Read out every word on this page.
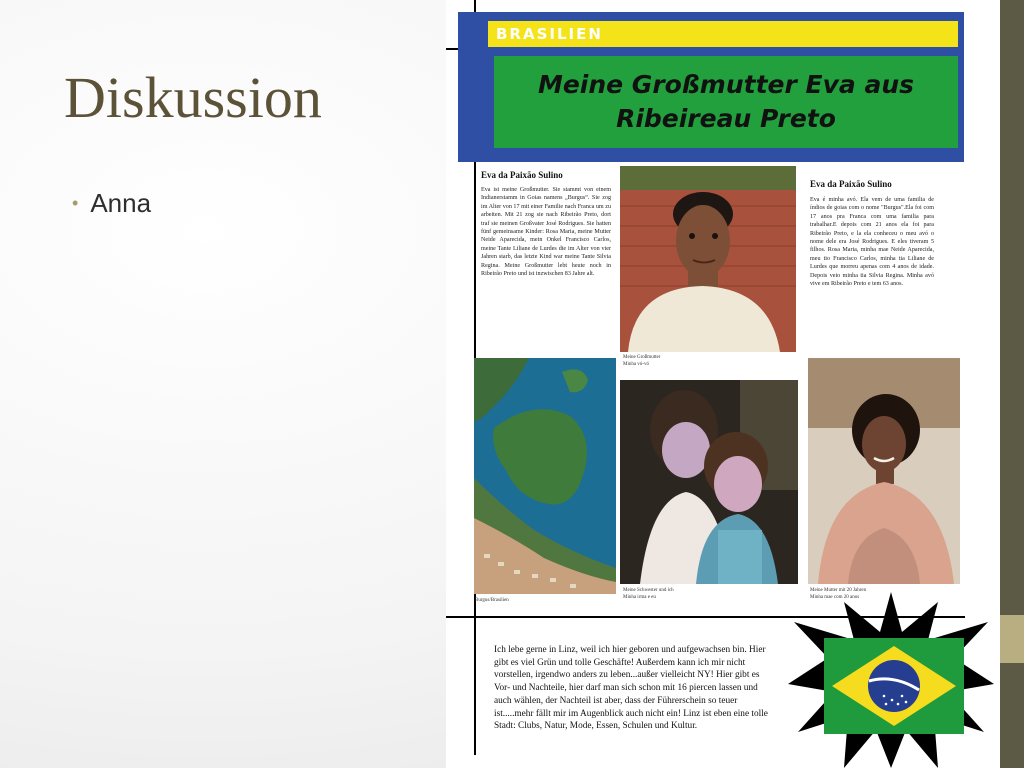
Diskussion
• Anna
BRASILIEN
Meine Großmutter Eva aus Ribeireau Preto
Eva da Paixão Sulino

Eva ist meine Großmutter. Sie stammt von einem Indianerstamm in Goias namens „Burgus“. Sie zog im Alter von 17 mit einer Familie nach Franca um zu arbeiten. Mit 21 zog sie nach Ribeirão Preto, dort traf sie meinen Großvater José Rodrigues. Sie hatten fünf gemeinsame Kinder: Rosa Maria, meine Mutter Neide Aparecida, mein Onkel Francisco Carlos, meine Tante Liliane de Lurdes die im Alter von vier Jahren starb, das letzte Kind war meine Tante Silvia Regina. Meine Großmutter lebt heute noch in Ribeirão Preto und ist inzwischen 83 Jahre alt.

Eva da Paixão Sulino

Eva é minha avó. Ela vem de uma familia de índios de goias com o nome "Burgus".Ela foi com 17 anos pra Franca com uma familia para trabalhar.E depois com 21 anos ela foi para Ribeirão Preto, e la ela conheceu o meu avó o nome dele era José Rodrigues. E eles tiveram 5 filhos. Rosa Maria, minha mae Neide Aparecida, meu tio Francisco Carlos, minha tia Liliane de Lurdes que morreu apenas com 4 anos de idade. Depois veio minha tia Silvia Regina. Minha avó vive em Ribeirão Preto e tem 63 anos.

Meine Großmutter
Minha vó-vó
Burgus/Brasilien
Meine Schwester und ich
Minha irma e eu
Meine Mutter mit 20 Jahren
Minha mae com 20 anos

Ich lebe gerne in Linz, weil ich hier geboren und aufgewachsen bin. Hier gibt es viel Grün und tolle Geschäfte! Außerdem kann ich mir nicht vorstellen, irgendwo anders zu leben...außer vielleicht NY! Hier gibt es Vor- und Nachteile, hier darf man sich schon mit 16 piercen lassen und auch wählen, der Nachteil ist aber, dass der Führerschein so teuer ist.....mehr fällt mir im Augenblick auch nicht ein! Linz ist eben eine tolle Stadt: Clubs, Natur, Mode, Essen, Schulen und Kultur.
